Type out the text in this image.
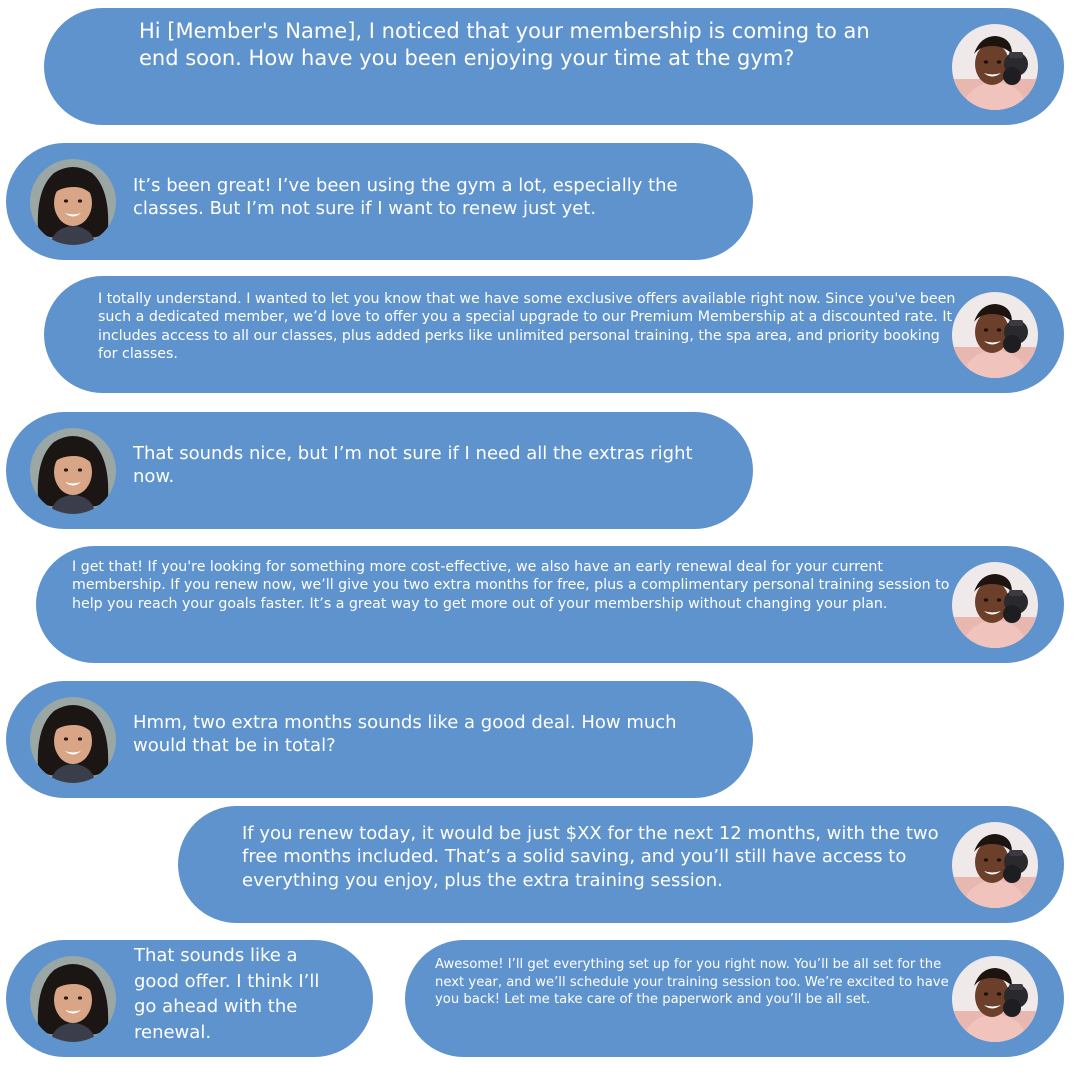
Hi [Member's Name], I noticed that your membership is coming to an end soon. How have you been enjoying your time at the gym?

It’s been great! I’ve been using the gym a lot, especially the classes. But I’m not sure if I want to renew just yet.

I totally understand. I wanted to let you know that we have some exclusive offers available right now. Since you've been such a dedicated member, we’d love to offer you a special upgrade to our Premium Membership at a discounted rate. It includes access to all our classes, plus added perks like unlimited personal training, the spa area, and priority booking for classes.

That sounds nice, but I’m not sure if I need all the extras right now.

I get that! If you're looking for something more cost-effective, we also have an early renewal deal for your current membership. If you renew now, we’ll give you two extra months for free, plus a complimentary personal training session to help you reach your goals faster. It’s a great way to get more out of your membership without changing your plan.

Hmm, two extra months sounds like a good deal. How much would that be in total?

If you renew today, it would be just $XX for the next 12 months, with the two free months included. That’s a solid saving, and you’ll still have access to everything you enjoy, plus the extra training session.

That sounds like a good offer. I think I’ll go ahead with the renewal.

Awesome! I’ll get everything set up for you right now. You’ll be all set for the next year, and we’ll schedule your training session too. We’re excited to have you back! Let me take care of the paperwork and you’ll be all set.
